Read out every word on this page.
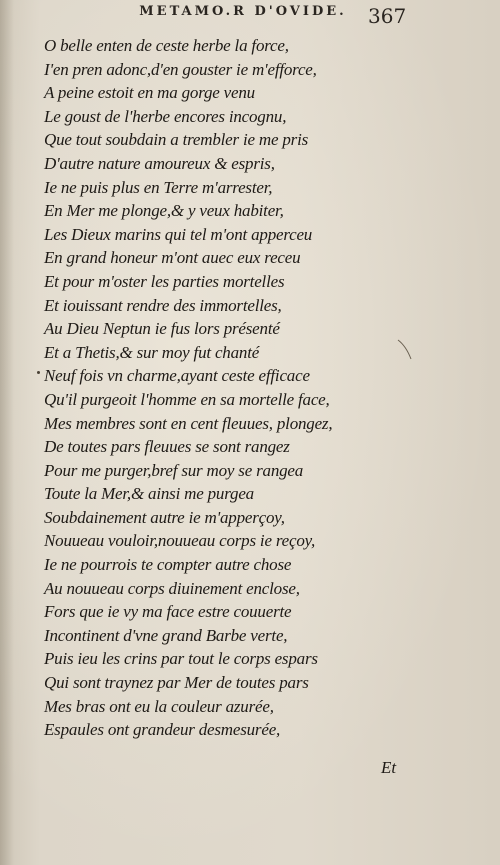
METAMO.R D'OVIDE.	367
O belle enten de ceste herbe la force,
I'en pren adonc,d'en gouster ie m'efforce,
A peine estoit en ma gorge venu
Le goust de l'herbe encores incognu,
Que tout soubdain a trembler ie me pris
D'autre nature amoureux & espris,
Ie ne puis plus en Terre m'arrester,
En Mer me plonge,& y veux habiter,
Les Dieux marins qui tel m'ont apperceu
En grand honeur m'ont auec eux receu
Et pour m'oster les parties mortelles
Et iouissant rendre des immortelles,
Au Dieu Neptun ie fus lors présenté
Et a Thetis,& sur moy fut chanté
Neuf fois vn charme,ayant ceste efficace
Qu'il purgeoit l'homme en sa mortelle face,
Mes membres sont en cent fleuues, plongez,
De toutes pars fleuues se sont rangez
Pour me purger,bref sur moy se rangea
Toute la Mer,& ainsi me purgea
Soubdainement autre ie m'apperçoy,
Nouueau vouloir,nouueau corps ie reçoy,
Ie ne pourrois te compter autre chose
Au nouueau corps diuinement enclose,
Fors que ie vy ma face estre couuerte
Incontinent d'vne grand Barbe verte,
Puis ieu les crins par tout le corps espars
Qui sont traynez par Mer de toutes pars
Mes bras ont eu la couleur azurée,
Espaules ont grandeur desmesurée,
Et
